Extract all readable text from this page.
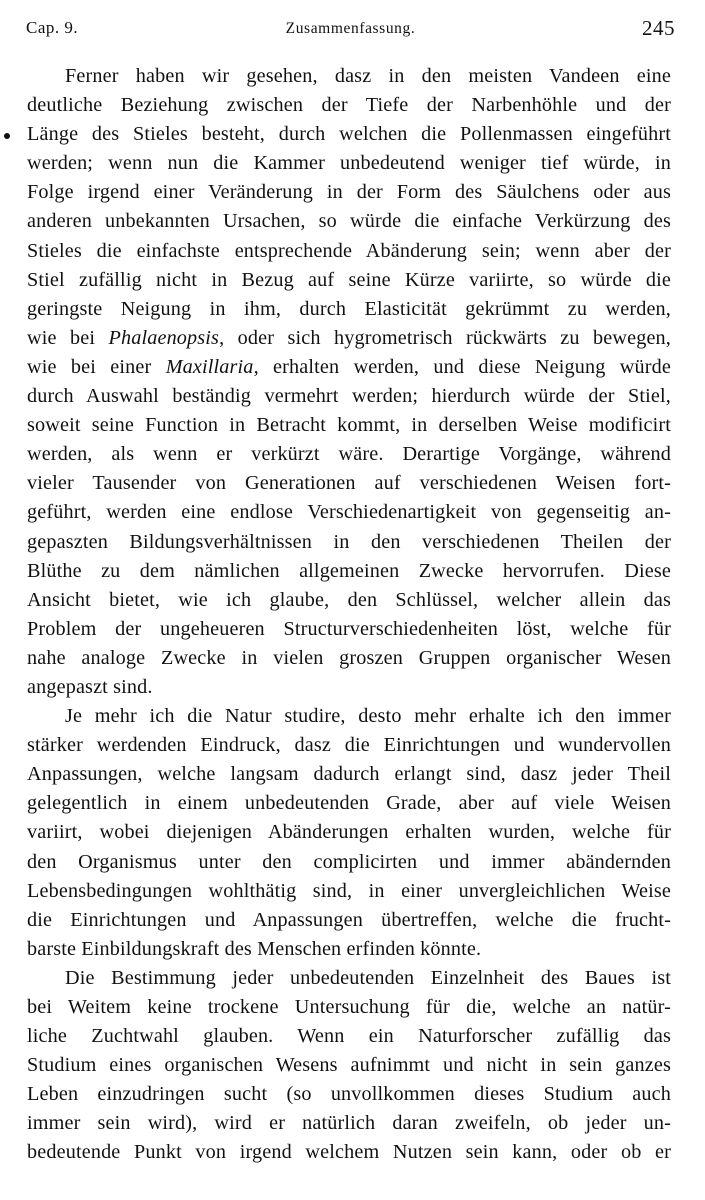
Cap. 9.	Zusammenfassung.	245
Ferner haben wir gesehen, dasz in den meisten Vandeen eine
deutliche Beziehung zwischen der Tiefe der Narbenhöhle und der
Länge des Stieles besteht, durch welchen die Pollenmassen eingeführt
werden; wenn nun die Kammer unbedeutend weniger tief würde, in
Folge irgend einer Veränderung in der Form des Säulchens oder aus
anderen unbekannten Ursachen, so würde die einfache Verkürzung des
Stieles die einfachste entsprechende Abänderung sein; wenn aber der
Stiel zufällig nicht in Bezug auf seine Kürze variirte, so würde die
geringste Neigung in ihm, durch Elasticität gekrümmt zu werden,
wie bei Phalaenopsis, oder sich hygrometrisch rückwärts zu bewegen,
wie bei einer Maxillaria, erhalten werden, und diese Neigung würde
durch Auswahl beständig vermehrt werden; hierdurch würde der Stiel,
soweit seine Function in Betracht kommt, in derselben Weise modificirt
werden, als wenn er verkürzt wäre. Derartige Vorgänge, während
vieler Tausender von Generationen auf verschiedenen Weisen fort-
geführt, werden eine endlose Verschiedenartigkeit von gegenseitig an-
gepaszten Bildungsverhältnissen in den verschiedenen Theilen der
Blüthe zu dem nämlichen allgemeinen Zwecke hervorrufen. Diese
Ansicht bietet, wie ich glaube, den Schlüssel, welcher allein das
Problem der ungeheueren Structurverschiedenheiten löst, welche für
nahe analoge Zwecke in vielen groszen Gruppen organischer Wesen
angepaszt sind.
Je mehr ich die Natur studire, desto mehr erhalte ich den immer
stärker werdenden Eindruck, dasz die Einrichtungen und wundervollen
Anpassungen, welche langsam dadurch erlangt sind, dasz jeder Theil
gelegentlich in einem unbedeutenden Grade, aber auf viele Weisen
variirt, wobei diejenigen Abänderungen erhalten wurden, welche für
den Organismus unter den complicirten und immer abändernden
Lebensbedingungen wohlthätig sind, in einer unvergleichlichen Weise
die Einrichtungen und Anpassungen übertreffen, welche die frucht-
barste Einbildungskraft des Menschen erfinden könnte.
Die Bestimmung jeder unbedeutenden Einzelnheit des Baues ist
bei Weitem keine trockene Untersuchung für die, welche an natür-
liche Zuchtwahl glauben. Wenn ein Naturforscher zufällig das
Studium eines organischen Wesens aufnimmt und nicht in sein ganzes
Leben einzudringen sucht (so unvollkommen dieses Studium auch
immer sein wird), wird er natürlich daran zweifeln, ob jeder un-
bedeutende Punkt von irgend welchem Nutzen sein kann, oder ob er
